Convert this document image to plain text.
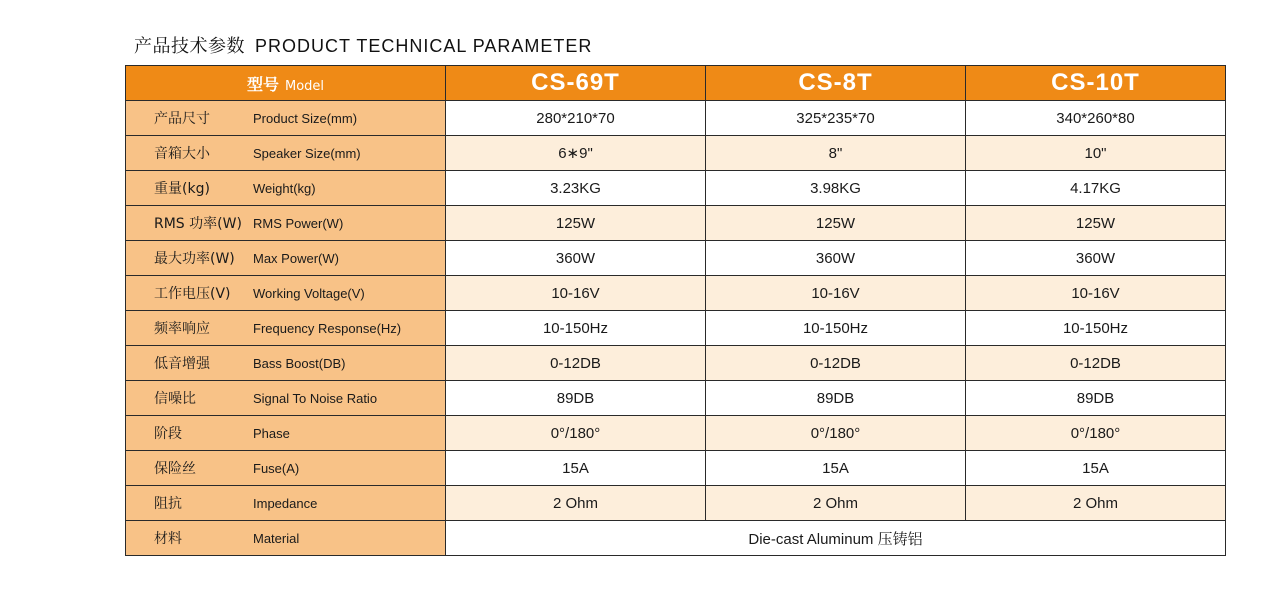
产品技术参数 PRODUCT TECHNICAL PARAMETER
型号 Model	CS-69T	CS-8T	CS-10T
产品尺寸 Product Size(mm)	280*210*70	325*235*70	340*260*80
音箱大小 Speaker Size(mm)	6∗9"	8"	10"
重量(kg) Weight(kg)	3.23KG	3.98KG	4.17KG
RMS 功率(W) RMS Power(W)	125W	125W	125W
最大功率(W) Max Power(W)	360W	360W	360W
工作电压(V) Working Voltage(V)	10-16V	10-16V	10-16V
频率响应 Frequency Response(Hz)	10-150Hz	10-150Hz	10-150Hz
低音增强 Bass Boost(DB)	0-12DB	0-12DB	0-12DB
信噪比 Signal To Noise Ratio	89DB	89DB	89DB
阶段 Phase	0°/180°	0°/180°	0°/180°
保险丝 Fuse(A)	15A	15A	15A
阻抗 Impedance	2 Ohm	2 Ohm	2 Ohm
材料 Material	Die-cast Aluminum 压铸铝		
